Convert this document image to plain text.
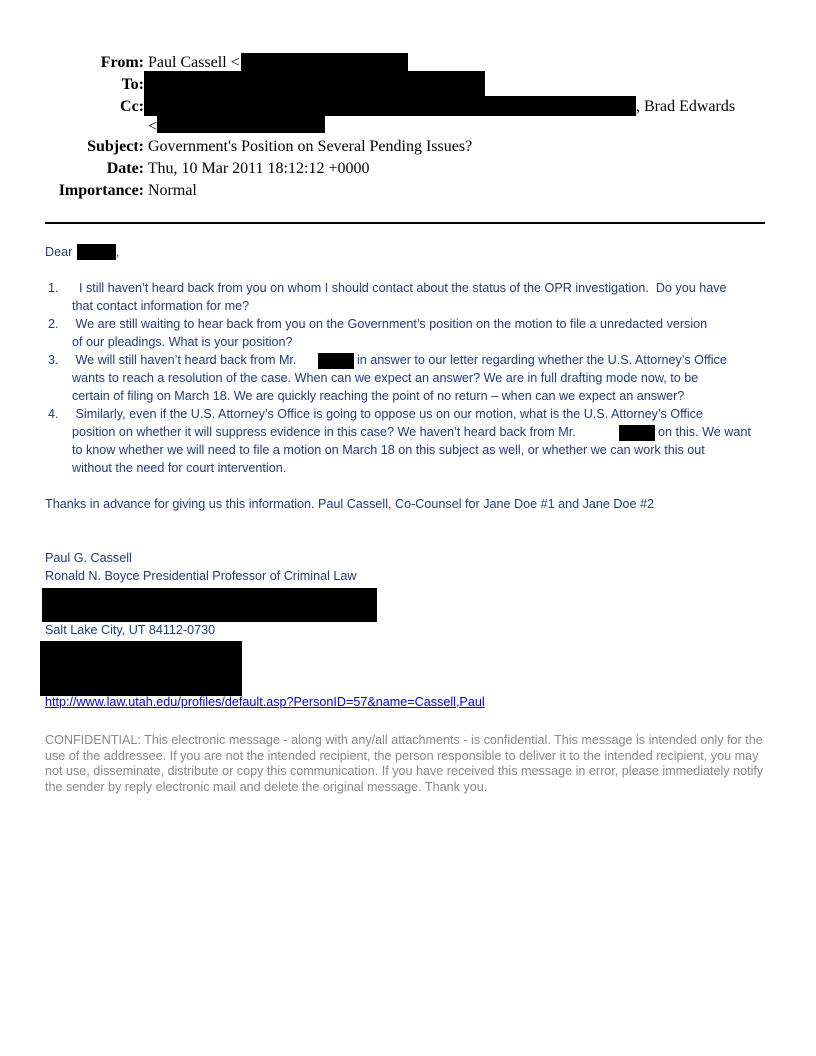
From: Paul Cassell <
To:
Cc:	, Brad Edwards
<
Subject: Government's Position on Several Pending Issues?
Date: Thu, 10 Mar 2011 18:12:12 +0000
Importance: Normal
Dear	,
1. I still haven’t heard back from you on whom I should contact about the status of the OPR investigation.  Do you have
that contact information for me?
2. We are still waiting to hear back from you on the Government’s position on the motion to file a unredacted version
of our pleadings. What is your position?
3. We will still haven’t heard back from Mr.	in answer to our letter regarding whether the U.S. Attorney’s Office
wants to reach a resolution of the case. When can we expect an answer? We are in full drafting mode now, to be
certain of filing on March 18. We are quickly reaching the point of no return – when can we expect an answer?
4. Similarly, even if the U.S. Attorney’s Office is going to oppose us on our motion, what is the U.S. Attorney’s Office
position on whether it will suppress evidence in this case? We haven’t heard back from Mr.	on this. We want
to know whether we will need to file a motion on March 18 on this subject as well, or whether we can work this out
without the need for court intervention.
Thanks in advance for giving us this information. Paul Cassell, Co-Counsel for Jane Doe #1 and Jane Doe #2
Paul G. Cassell
Ronald N. Boyce Presidential Professor of Criminal Law
Salt Lake City, UT 84112-0730
http://www.law.utah.edu/profiles/default.asp?PersonID=57&name=Cassell,Paul
CONFIDENTIAL: This electronic message - along with any/all attachments - is confidential. This message is intended only for the use of the addressee. If you are not the intended recipient, the person responsible to deliver it to the intended recipient, you may not use, disseminate, distribute or copy this communication. If you have received this message in error, please immediately notify the sender by reply electronic mail and delete the original message. Thank you.
